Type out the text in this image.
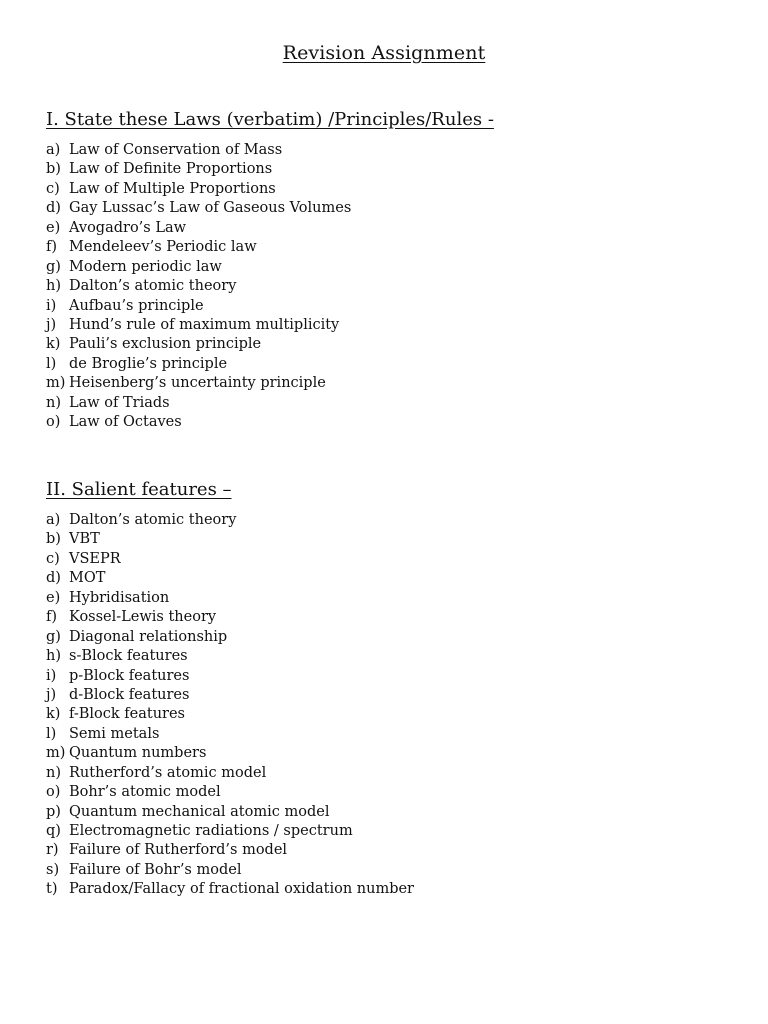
Revision Assignment
I. State these Laws (verbatim) /Principles/Rules -
a) Law of Conservation of Mass
b) Law of Definite Proportions
c) Law of Multiple Proportions
d) Gay Lussac’s Law of Gaseous Volumes
e) Avogadro’s Law
f) Mendeleev’s Periodic law
g) Modern periodic law
h) Dalton’s atomic theory
i) Aufbau’s principle
j) Hund’s rule of maximum multiplicity
k) Pauli’s exclusion principle
l) de Broglie’s principle
m) Heisenberg’s uncertainty principle
n) Law of Triads
o) Law of Octaves
II. Salient features –
a) Dalton’s atomic theory
b) VBT
c) VSEPR
d) MOT
e) Hybridisation
f) Kossel-Lewis theory
g) Diagonal relationship
h) s-Block features
i) p-Block features
j) d-Block features
k) f-Block features
l) Semi metals
m) Quantum numbers
n) Rutherford’s atomic model
o) Bohr’s atomic model
p) Quantum mechanical atomic model
q) Electromagnetic radiations / spectrum
r) Failure of Rutherford’s model
s) Failure of Bohr’s model
t) Paradox/Fallacy of fractional oxidation number
